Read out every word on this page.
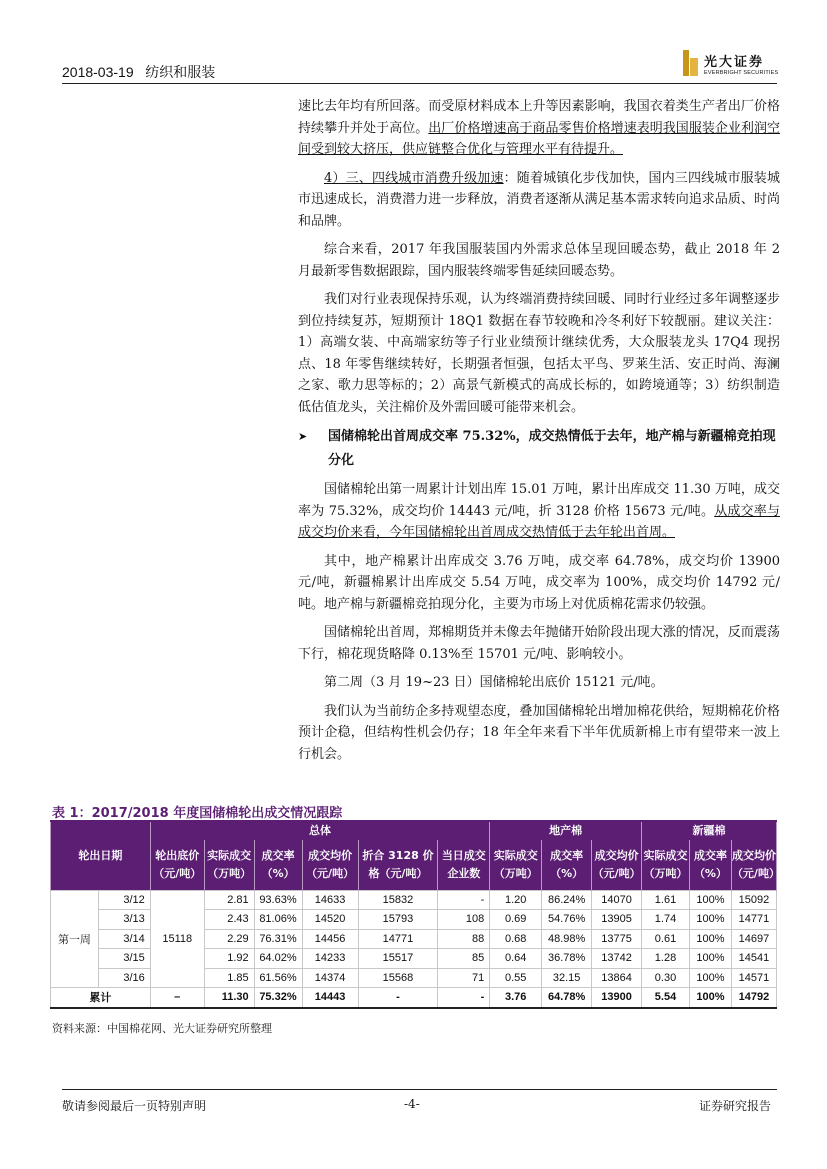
2018-03-19 纺织和服装
光大证券
EVERBRIGHT SECURITIES

速比去年均有所回落。而受原材料成本上升等因素影响，我国衣着类生产者出厂价格持续攀升并处于高位。出厂价格增速高于商品零售价格增速表明我国服装企业利润空间受到较大挤压，供应链整合优化与管理水平有待提升。

4）三、四线城市消费升级加速：随着城镇化步伐加快，国内三四线城市服装城市迅速成长，消费潜力进一步释放，消费者逐渐从满足基本需求转向追求品质、时尚和品牌。

综合来看，2017 年我国服装国内外需求总体呈现回暖态势，截止 2018 年 2 月最新零售数据跟踪，国内服装终端零售延续回暖态势。

我们对行业表现保持乐观，认为终端消费持续回暖、同时行业经过多年调整逐步到位持续复苏，短期预计 18Q1 数据在春节较晚和冷冬利好下较靓丽。建议关注：1）高端女装、中高端家纺等子行业业绩预计继续优秀，大众服装龙头 17Q4 现拐点、18 年零售继续转好，长期强者恒强，包括太平鸟、罗莱生活、安正时尚、海澜之家、歌力思等标的；2）高景气新模式的高成长标的，如跨境通等；3）纺织制造低估值龙头，关注棉价及外需回暖可能带来机会。

➤	国储棉轮出首周成交率 75.32%，成交热情低于去年，地产棉与新疆棉竞拍现分化

国储棉轮出第一周累计计划出库 15.01 万吨，累计出库成交 11.30 万吨，成交率为 75.32%，成交均价 14443 元/吨，折 3128 价格 15673 元/吨。从成交率与成交均价来看，今年国储棉轮出首周成交热情低于去年轮出首周。

其中，地产棉累计出库成交 3.76 万吨，成交率 64.78%，成交均价 13900 元/吨，新疆棉累计出库成交 5.54 万吨，成交率为 100%，成交均价 14792 元/吨。地产棉与新疆棉竞拍现分化，主要为市场上对优质棉花需求仍较强。

国储棉轮出首周，郑棉期货并未像去年抛储开始阶段出现大涨的情况，反而震荡下行，棉花现货略降 0.13%至 15701 元/吨、影响较小。

第二周（3 月 19~23 日）国储棉轮出底价 15121 元/吨。

我们认为当前纺企多持观望态度，叠加国储棉轮出增加棉花供给，短期棉花价格预计企稳，但结构性机会仍存；18 年全年来看下半年优质新棉上市有望带来一波上行机会。

表 1：2017/2018 年度国储棉轮出成交情况跟踪
轮出日期		总体						地产棉			新疆棉		
		轮出底价（元/吨）	实际成交（万吨）	成交率（%）	成交均价（元/吨）	折合 3128 价格（元/吨）	当日成交企业数	实际成交（万吨）	成交率（%）	成交均价（元/吨）	实际成交（万吨）	成交率（%）	成交均价（元/吨）
第一周	3/12	15118	2.81	93.63%	14633	15832	-	1.20	86.24%	14070	1.61	100%	15092
	3/13		2.43	81.06%	14520	15793	108	0.69	54.76%	13905	1.74	100%	14771
	3/14		2.29	76.31%	14456	14771	88	0.68	48.98%	13775	0.61	100%	14697
	3/15		1.92	64.02%	14233	15517	85	0.64	36.78%	13742	1.28	100%	14541
	3/16		1.85	61.56%	14374	15568	71	0.55	32.15	13864	0.30	100%	14571
累计		–	11.30	75.32%	14443	-	-	3.76	64.78%	13900	5.54	100%	14792
资料来源：中国棉花网、光大证券研究所整理
敬请参阅最后一页特别声明	-4-	证券研究报告
